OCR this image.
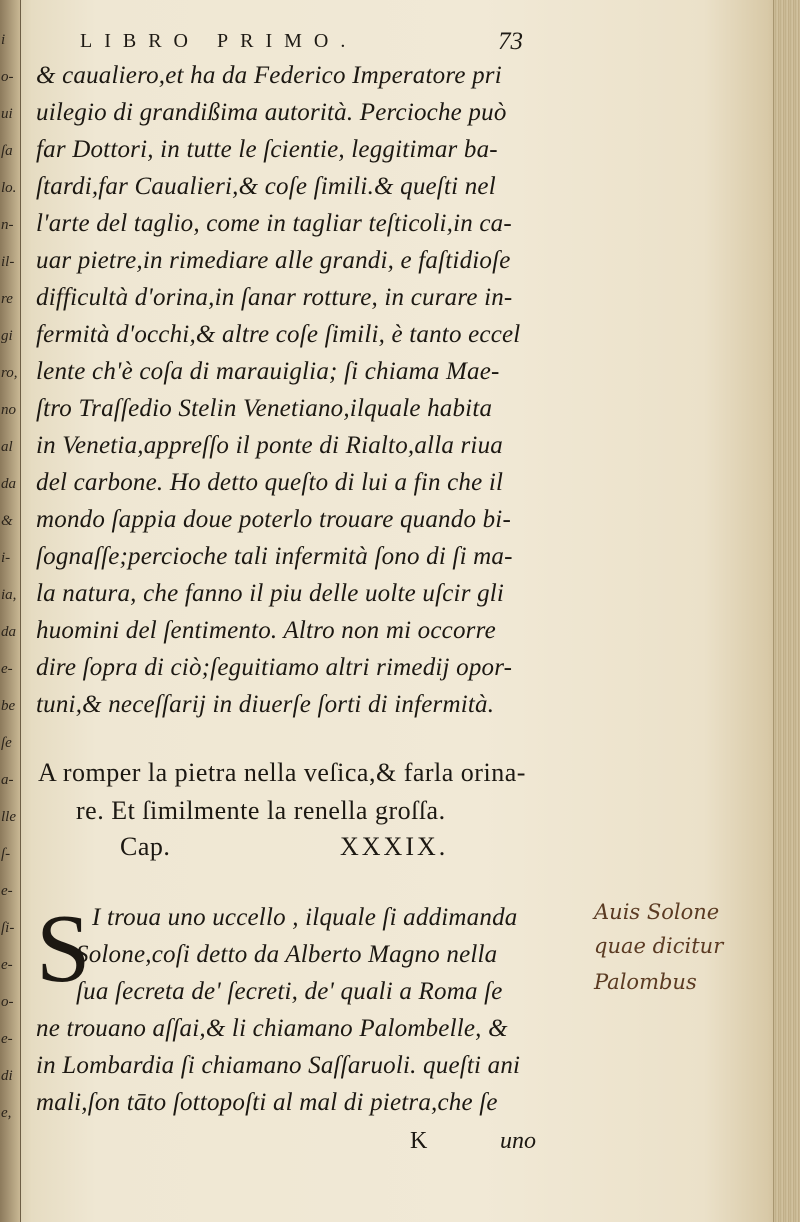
i
o-
ui
ſa
lo.
n-
il-
re
gi
ro,
no
al
da
&
i-
ia,
da
e-
be
ſe
a-
lle
ſ-
e-
ſi-
e-
o-
e-
di
e,
LIBRO PRIMO.	73
& caualiero,et ha da Federico Imperatore pri
uilegio di grandißima autorità. Percioche può
far Dottori, in tutte le ſcientie, leggitimar ba-
ſtardi,far Caualieri,& coſe ſimili.& queſti nel
l'arte del taglio, come in tagliar teſticoli,in ca-
uar pietre,in rimediare alle grandi, e faſtidioſe
difficultà d'orina,in ſanar rotture, in curare in-
fermità d'occhi,& altre coſe ſimili, è tanto eccel
lente ch'è coſa di marauiglia; ſi chiama Mae-
ſtro Traſſedio Stelin Venetiano,ilquale habita
in Venetia,appreſſo il ponte di Rialto,alla riua
del carbone. Ho detto queſto di lui a fin che il
mondo ſappia doue poterlo trouare quando bi-
ſognaſſe;percioche tali infermità ſono di ſi ma-
la natura, che fanno il piu delle uolte uſcir gli
huomini del ſentimento. Altro non mi occorre
dire ſopra di ciò;ſeguitiamo altri rimedij opor-
tuni,& neceſſarij in diuerſe ſorti di infermità.
A romper la pietra nella veſica,& farla orina-
re. Et ſimilmente la renella groſſa.
Cap.	XXXIX.
S I troua uno uccello , ilquale ſi addimanda
Solone,coſi detto da Alberto Magno nella
ſua ſecreta de' ſecreti, de' quali a Roma ſe
ne trouano aſſai,& li chiamano Palombelle, &
in Lombardia ſi chiamano Saſſaruoli. queſti ani
mali,ſon tāto ſottopoſti al mal di pietra,che ſe
K	uno
Auis Solone
quae dicitur
Palombus
